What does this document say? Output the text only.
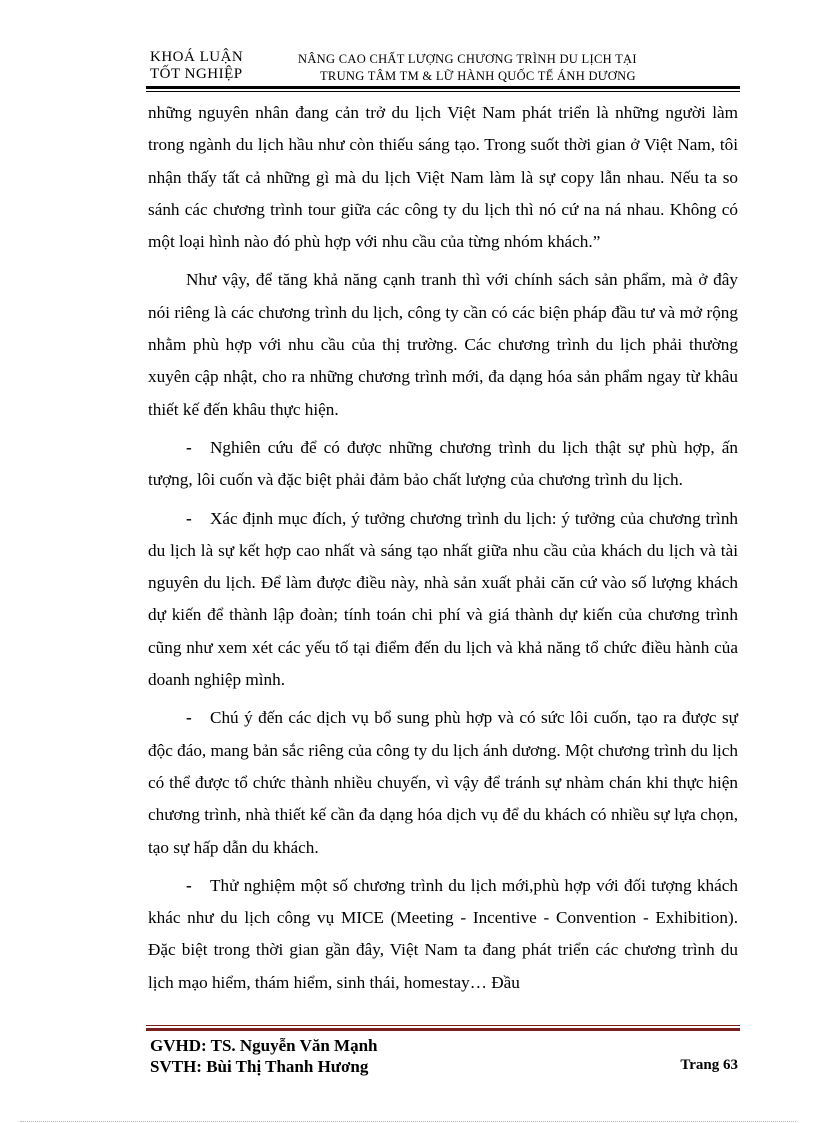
KHOÁ LUẬN
TỐT NGHIỆP
NÂNG CAO CHẤT LƯỢNG CHƯƠNG TRÌNH DU LỊCH TẠI
TRUNG TÂM TM & LỮ HÀNH QUỐC TẾ ÁNH DƯƠNG

những nguyên nhân đang cản trở du lịch Việt Nam phát triển là những người làm trong ngành du lịch hầu như còn thiếu sáng tạo. Trong suốt thời gian ở Việt Nam, tôi nhận thấy tất cả những gì mà du lịch Việt Nam làm là sự copy lẫn nhau. Nếu ta so sánh các chương trình tour giữa các công ty du lịch thì nó cứ na ná nhau. Không có một loại hình nào đó phù hợp với nhu cầu của từng nhóm khách.”

Như vậy, để tăng khả năng cạnh tranh thì với chính sách sản phẩm, mà ở đây nói riêng là các chương trình du lịch, công ty cần có các biện pháp đầu tư và mở rộng nhằm phù hợp với nhu cầu của thị trường. Các chương trình du lịch phải thường xuyên cập nhật, cho ra những chương trình mới, đa dạng hóa sản phẩm ngay từ khâu thiết kế đến khâu thực hiện.

- Nghiên cứu để có được những chương trình du lịch thật sự phù hợp, ấn tượng, lôi cuốn và đặc biệt phải đảm bảo chất lượng của chương trình du lịch.

- Xác định mục đích, ý tưởng chương trình du lịch: ý tưởng của chương trình du lịch là sự kết hợp cao nhất và sáng tạo nhất giữa nhu cầu của khách du lịch và tài nguyên du lịch. Để làm được điều này, nhà sản xuất phải căn cứ vào số lượng khách dự kiến để thành lập đoàn; tính toán chi phí và giá thành dự kiến của chương trình cũng như xem xét các yếu tố tại điểm đến du lịch và khả năng tổ chức điều hành của doanh nghiệp mình.

- Chú ý đến các dịch vụ bổ sung phù hợp và có sức lôi cuốn, tạo ra được sự độc đáo, mang bản sắc riêng của công ty du lịch ánh dương. Một chương trình du lịch có thể được tổ chức thành nhiều chuyến, vì vậy để tránh sự nhàm chán khi thực hiện chương trình, nhà thiết kế cần đa dạng hóa dịch vụ để du khách có nhiều sự lựa chọn, tạo sự hấp dẫn du khách.

- Thử nghiệm một số chương trình du lịch mới,phù hợp với đối tượng khách khác như du lịch công vụ MICE (Meeting - Incentive - Convention - Exhibition). Đặc biệt trong thời gian gần đây, Việt Nam ta đang phát triển các chương trình du lịch mạo hiểm, thám hiểm, sinh thái, homestay… Đầu

GVHD: TS. Nguyễn Văn Mạnh
SVTH: Bùi Thị Thanh Hương	Trang 63
